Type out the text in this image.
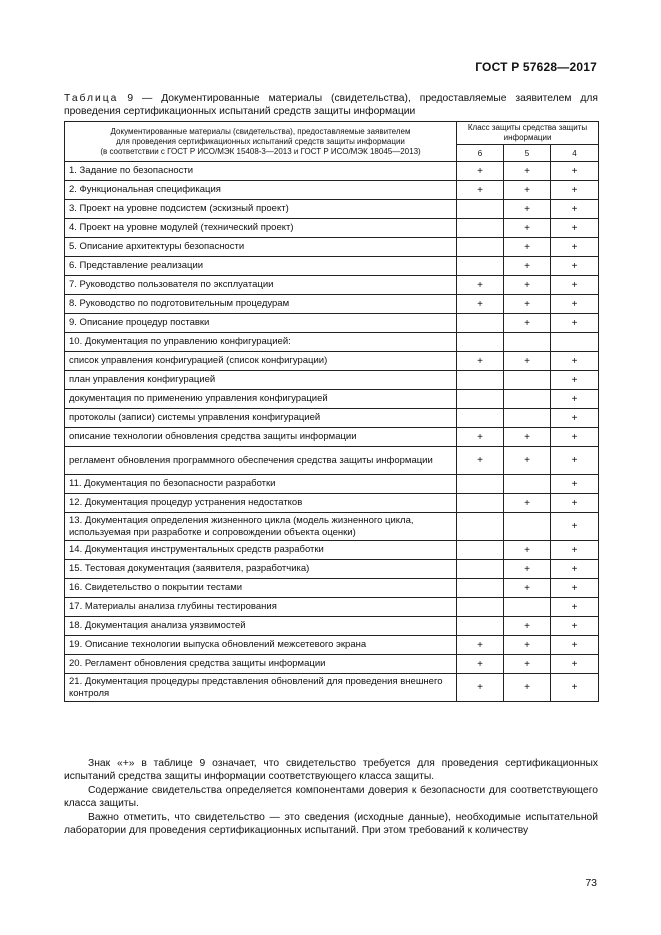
ГОСТ Р 57628—2017
Таблица 9 — Документированные материалы (свидетельства), предоставляемые заявителем для проведения сертификационных испытаний средств защиты информации
Документированные материалы (свидетельства), предоставляемые заявителем
для проведения сертификационных испытаний средств защиты информации
(в соответствии с ГОСТ Р ИСО/МЭК 15408-3—2013 и ГОСТ Р ИСО/МЭК 18045—2013)	Класс защиты средства защиты информации		
	6	5	4
1. Задание по безопасности	+	+	+
2. Функциональная спецификация	+	+	+
3. Проект на уровне подсистем (эскизный проект)		+	+
4. Проект на уровне модулей (технический проект)		+	+
5. Описание архитектуры безопасности		+	+
6. Представление реализации		+	+
7. Руководство пользователя по эксплуатации	+	+	+
8. Руководство по подготовительным процедурам	+	+	+
9. Описание процедур поставки		+	+
10. Документация по управлению конфигурацией:			
список управления конфигурацией (список конфигурации)	+	+	+
план управления конфигурацией			+
документация по применению управления конфигурацией			+
протоколы (записи) системы управления конфигурацией			+
описание технологии обновления средства защиты информации	+	+	+
регламент обновления программного обеспечения средства защиты информации	+	+	+
11. Документация по безопасности разработки			+
12. Документация процедур устранения недостатков		+	+
13. Документация определения жизненного цикла (модель жизненного цикла, используемая при разработке и сопровождении объекта оценки)			+
14. Документация инструментальных средств разработки		+	+
15. Тестовая документация (заявителя, разработчика)		+	+
16. Свидетельство о покрытии тестами		+	+
17. Материалы анализа глубины тестирования			+
18. Документация анализа уязвимостей		+	+
19. Описание технологии выпуска обновлений межсетевого экрана	+	+	+
20. Регламент обновления средства защиты информации	+	+	+
21. Документация процедуры представления обновлений для проведения внешнего контроля	+	+	+

Знак «+» в таблице 9 означает, что свидетельство требуется для проведения сертификационных испытаний средства защиты информации соответствующего класса защиты.

Содержание свидетельства определяется компонентами доверия к безопасности для соответствующего класса защиты.

Важно отметить, что свидетельство — это сведения (исходные данные), необходимые испытательной лаборатории для проведения сертификационных испытаний. При этом требований к количеству

73
